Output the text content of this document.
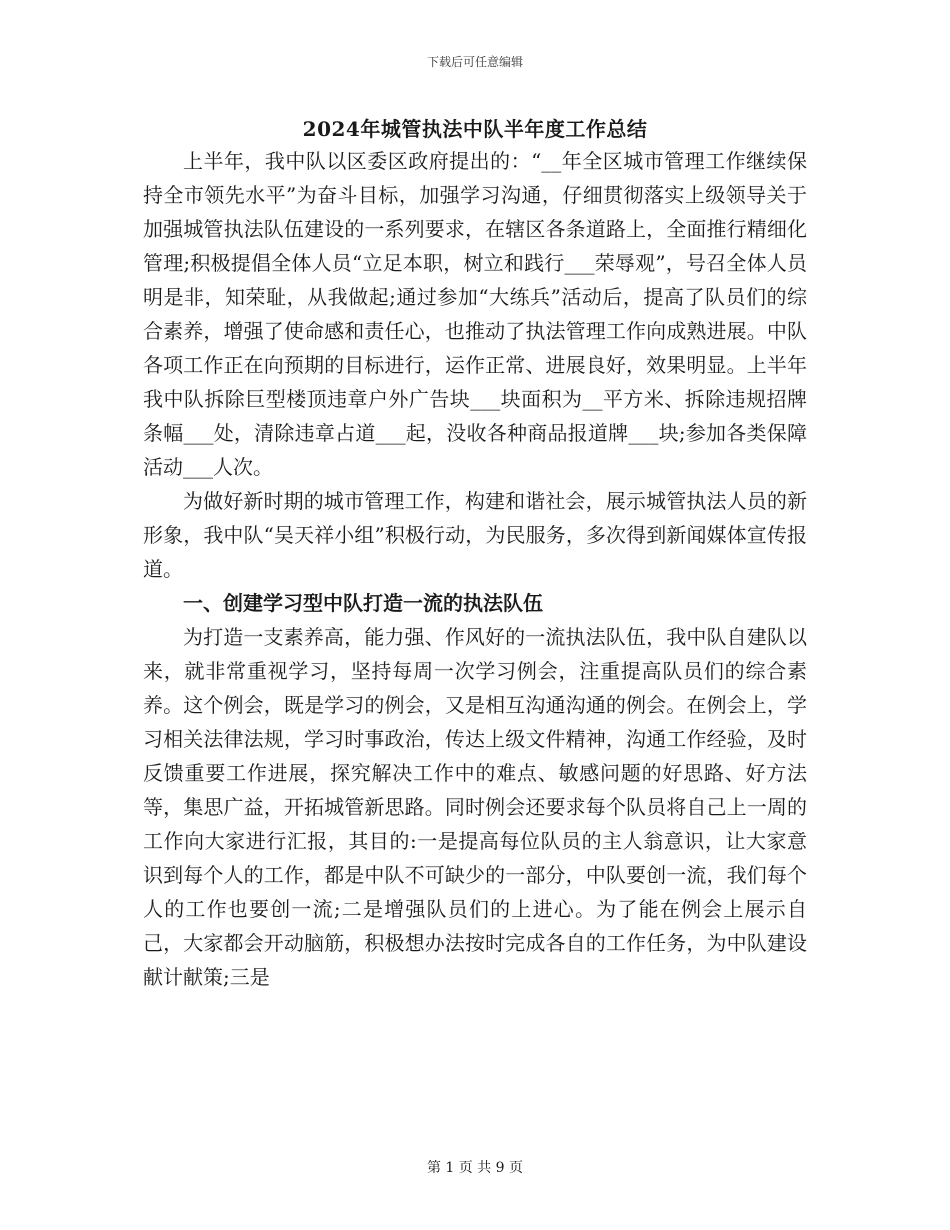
下载后可任意编辑
2024年城管执法中队半年度工作总结

上半年，我中队以区委区政府提出的：“__年全区城市管理工作继续保持全市领先水平”为奋斗目标，加强学习沟通，仔细贯彻落实上级领导关于加强城管执法队伍建设的一系列要求，在辖区各条道路上，全面推行精细化管理;积极提倡全体人员“立足本职，树立和践行___荣辱观”，号召全体人员明是非，知荣耻，从我做起;通过参加“大练兵”活动后，提高了队员们的综合素养，增强了使命感和责任心，也推动了执法管理工作向成熟进展。中队各项工作正在向预期的目标进行，运作正常、进展良好，效果明显。上半年我中队拆除巨型楼顶违章户外广告块___块面积为__平方米、拆除违规招牌条幅___处，清除违章占道___起，没收各种商品报道牌___块;参加各类保障活动___人次。

为做好新时期的城市管理工作，构建和谐社会，展示城管执法人员的新形象，我中队“吴天祥小组”积极行动，为民服务，多次得到新闻媒体宣传报道。

一、创建学习型中队打造一流的执法队伍

为打造一支素养高，能力强、作风好的一流执法队伍，我中队自建队以来，就非常重视学习，坚持每周一次学习例会，注重提高队员们的综合素养。这个例会，既是学习的例会，又是相互沟通沟通的例会。在例会上，学习相关法律法规，学习时事政治，传达上级文件精神，沟通工作经验，及时反馈重要工作进展，探究解决工作中的难点、敏感问题的好思路、好方法等，集思广益，开拓城管新思路。同时例会还要求每个队员将自己上一周的工作向大家进行汇报，其目的:一是提高每位队员的主人翁意识，让大家意识到每个人的工作，都是中队不可缺少的一部分，中队要创一流，我们每个人的工作也要创一流;二是增强队员们的上进心。为了能在例会上展示自己，大家都会开动脑筋，积极想办法按时完成各自的工作任务，为中队建设献计献策;三是

第 1 页 共 9 页
